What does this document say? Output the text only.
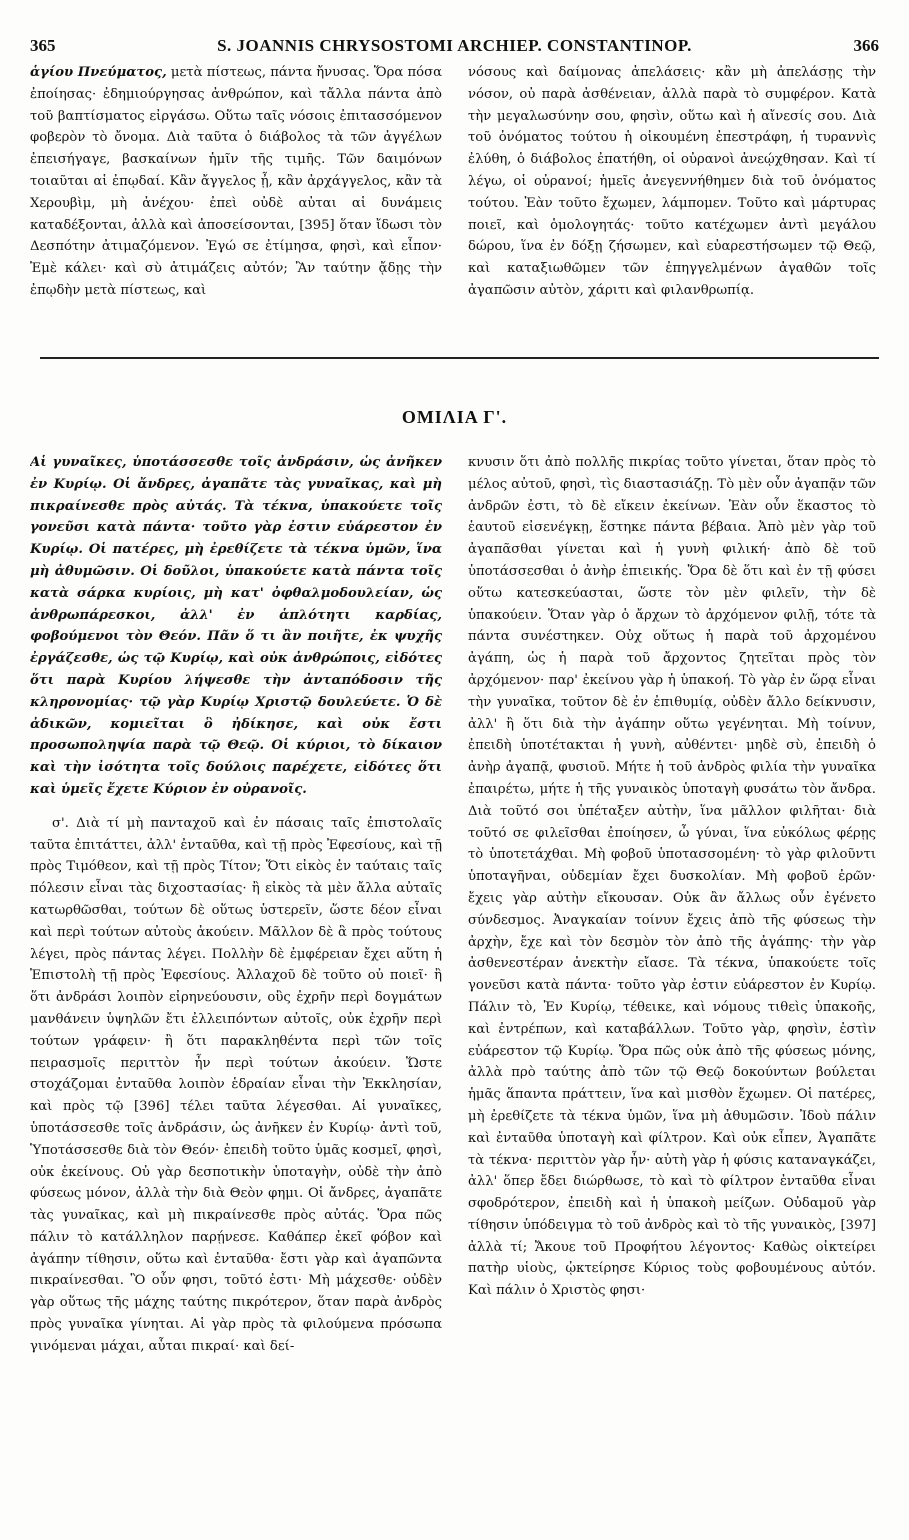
365	S. JOANNIS CHRYSOSTOMI ARCHIEP. CONSTANTINOP.	366

ἁγίου Πνεύματος, μετὰ πίστεως, πάντα ἤνυσας. Ὅρα πόσα ἐποίησας· ἐδημιούργησας ἀνθρώπον, καὶ τἄλλα πάντα ἀπὸ τοῦ βαπτίσματος εἰργάσω. Οὕτω ταῖς νόσοις ἐπιτασσόμενον φοβερὸν τὸ ὄνομα. Διὰ ταῦτα ὁ διάβολος τὰ τῶν ἀγγέλων ἐπεισήγαγε, βασκαίνων ἡμῖν τῆς τιμῆς. Τῶν δαιμόνων τοιαῦται αἱ ἐπῳδαί. Κἂν ἄγγελος ᾖ, κἂν ἀρχάγγελος, κἂν τὰ Χερουβὶμ, μὴ ἀνέχου· ἐπεὶ οὐδὲ αὐται αἱ δυνάμεις καταδέξονται, ἀλλὰ καὶ ἀποσείσονται, [395] ὅταν ἴδωσι τὸν Δεσπότην ἀτιμαζόμενον. Ἐγώ σε ἐτίμησα, φησὶ, καὶ εἶπον· Ἐμὲ κάλει· καὶ σὺ ἀτιμάζεις αὐτόν; Ἂν ταύτην ᾄδῃς τὴν ἐπῳδὴν μετὰ πίστεως, καὶ

νόσους καὶ δαίμονας ἀπελάσεις· κἂν μὴ ἀπελάσῃς τὴν νόσον, οὐ παρὰ ἀσθένειαν, ἀλλὰ παρὰ τὸ συμφέρον. Κατὰ τὴν μεγαλωσύνην σου, φησὶν, οὕτω καὶ ἡ αἴνεσίς σου. Διὰ τοῦ ὀνόματος τούτου ἡ οἰκουμένη ἐπεστράφη, ἡ τυραννὶς ἐλύθη, ὁ διάβολος ἐπατήθη, οἱ οὐρανοὶ ἀνεῴχθησαν. Καὶ τί λέγω, οἱ οὐρανοί; ἡμεῖς ἀνεγεννήθημεν διὰ τοῦ ὀνόματος τούτου. Ἐὰν τοῦτο ἔχωμεν, λάμπομεν. Τοῦτο καὶ μάρτυρας ποιεῖ, καὶ ὁμολογητάς· τοῦτο κατέχωμεν ἀντὶ μεγάλου δώρου, ἵνα ἐν δόξῃ ζήσωμεν, καὶ εὐαρεστήσωμεν τῷ Θεῷ, καὶ καταξιωθῶμεν τῶν ἐπηγγελμένων ἀγαθῶν τοῖς ἀγαπῶσιν αὐτὸν, χάριτι καὶ φιλανθρωπίᾳ.

ΟΜΙΛΙΑ Γ'.

Αἱ γυναῖκες, ὑποτάσσεσθε τοῖς ἀνδράσιν, ὡς ἀνῆκεν ἐν Κυρίῳ. Οἱ ἄνδρες, ἀγαπᾶτε τὰς γυναῖκας, καὶ μὴ πικραίνεσθε πρὸς αὐτάς. Τὰ τέκνα, ὑπακούετε τοῖς γονεῦσι κατὰ πάντα· τοῦτο γὰρ ἐστιν εὐάρεστον ἐν Κυρίῳ. Οἱ πατέρες, μὴ ἐρεθίζετε τὰ τέκνα ὑμῶν, ἵνα μὴ ἀθυμῶσιν. Οἱ δοῦλοι, ὑπακούετε κατὰ πάντα τοῖς κατὰ σάρκα κυρίοις, μὴ κατ' ὀφθαλμοδουλείαν, ὡς ἀνθρωπάρεσκοι, ἀλλ' ἐν ἁπλότητι καρδίας, φοβούμενοι τὸν Θεόν. Πᾶν ὅ τι ἂν ποιῆτε, ἐκ ψυχῆς ἐργάζεσθε, ὡς τῷ Κυρίῳ, καὶ οὐκ ἀνθρώποις, εἰδότες ὅτι παρὰ Κυρίου λήψεσθε τὴν ἀνταπόδοσιν τῆς κληρονομίας· τῷ γὰρ Κυρίῳ Χριστῷ δουλεύετε. Ὁ δὲ ἀδικῶν, κομιεῖται ὃ ἠδίκησε, καὶ οὐκ ἔστι προσωποληψία παρὰ τῷ Θεῷ. Οἱ κύριοι, τὸ δίκαιον καὶ τὴν ἰσότητα τοῖς δούλοις παρέχετε, εἰδότες ὅτι καὶ ὑμεῖς ἔχετε Κύριον ἐν οὐρανοῖς.

σ'. Διὰ τί μὴ πανταχοῦ καὶ ἐν πάσαις ταῖς ἐπιστολαῖς ταῦτα ἐπιτάττει, ἀλλ' ἐνταῦθα, καὶ τῇ πρὸς Ἐφεσίους, καὶ τῇ πρὸς Τιμόθεον, καὶ τῇ πρὸς Τίτον; Ὅτι εἰκὸς ἐν ταύταις ταῖς πόλεσιν εἶναι τὰς διχοστασίας· ἢ εἰκὸς τὰ μὲν ἄλλα αὐταῖς κατωρθῶσθαι, τούτων δὲ οὕτως ὑστερεῖν, ὥστε δέον εἶναι καὶ περὶ τούτων αὐτοὺς ἀκούειν. Μᾶλλον δὲ ἃ πρὸς τούτους λέγει, πρὸς πάντας λέγει. Πολλὴν δὲ ἐμφέρειαν ἔχει αὕτη ἡ Ἐπιστολὴ τῇ πρὸς Ἐφεσίους. Ἀλλαχοῦ δὲ τοῦτο οὐ ποιεῖ· ἢ ὅτι ἀνδράσι λοιπὸν εἰρηνεύουσιν, οὓς ἐχρῆν περὶ δογμάτων μανθάνειν ὑψηλῶν ἔτι ἐλλειπόντων αὐτοῖς, οὐκ ἐχρῆν περὶ τούτων γράφειν· ἢ ὅτι παρακληθέντα περὶ τῶν τοῖς πειρασμοῖς περιττὸν ἦν περὶ τούτων ἀκούειν. Ὥστε στοχάζομαι ἐνταῦθα λοιπὸν ἑδραίαν εἶναι τὴν Ἐκκλησίαν, καὶ πρὸς τῷ [396] τέλει ταῦτα λέγεσθαι. Αἱ γυναῖκες, ὑποτάσσεσθε τοῖς ἀνδράσιν, ὡς ἀνῆκεν ἐν Κυρίῳ· ἀντὶ τοῦ, Ὑποτάσσεσθε διὰ τὸν Θεόν· ἐπειδὴ τοῦτο ὑμᾶς κοσμεῖ, φησὶ, οὐκ ἐκείνους. Οὐ γὰρ δεσποτικὴν ὑποταγὴν, οὐδὲ τὴν ἀπὸ φύσεως μόνον, ἀλλὰ τὴν διὰ Θεὸν φημι. Οἱ ἄνδρες, ἀγαπᾶτε τὰς γυναῖκας, καὶ μὴ πικραίνεσθε πρὸς αὐτάς. Ὅρα πῶς πάλιν τὸ κατάλληλον παρῄνεσε. Καθάπερ ἐκεῖ φόβον καὶ ἀγάπην τίθησιν, οὕτω καὶ ἐνταῦθα· ἔστι γὰρ καὶ ἀγαπῶντα πικραίνεσθαι. Ὃ οὖν φησι, τοῦτό ἐστι· Μὴ μάχεσθε· οὐδὲν γὰρ οὕτως τῆς μάχης ταύτης πικρότερον, ὅταν παρὰ ἀνδρὸς πρὸς γυναῖκα γίνηται. Αἱ γὰρ πρὸς τὰ φιλούμενα πρόσωπα γινόμεναι μάχαι, αὗται πικραί· καὶ δεί-

κνυσιν ὅτι ἀπὸ πολλῆς πικρίας τοῦτο γίνεται, ὅταν πρὸς τὸ μέλος αὐτοῦ, φησὶ, τὶς διαστασιάζῃ. Τὸ μὲν οὖν ἀγαπᾷν τῶν ἀνδρῶν ἐστι, τὸ δὲ εἴκειν ἐκείνων. Ἐὰν οὖν ἕκαστος τὸ ἑαυτοῦ εἰσενέγκῃ, ἕστηκε πάντα βέβαια. Ἀπὸ μὲν γὰρ τοῦ ἀγαπᾶσθαι γίνεται καὶ ἡ γυνὴ φιλική· ἀπὸ δὲ τοῦ ὑποτάσσεσθαι ὁ ἀνὴρ ἐπιεικής. Ὅρα δὲ ὅτι καὶ ἐν τῇ φύσει οὕτω κατεσκεύασται, ὥστε τὸν μὲν φιλεῖν, τὴν δὲ ὑπακούειν. Ὅταν γὰρ ὁ ἄρχων τὸ ἀρχόμενον φιλῇ, τότε τὰ πάντα συνέστηκεν. Οὐχ οὕτως ἡ παρὰ τοῦ ἀρχομένου ἀγάπη, ὡς ἡ παρὰ τοῦ ἄρχοντος ζητεῖται πρὸς τὸν ἀρχόμενον· παρ' ἐκείνου γὰρ ἡ ὑπακοή. Τὸ γὰρ ἐν ὥρᾳ εἶναι τὴν γυναῖκα, τοῦτον δὲ ἐν ἐπιθυμίᾳ, οὐδὲν ἄλλο δείκνυσιν, ἀλλ' ἢ ὅτι διὰ τὴν ἀγάπην οὕτω γεγένηται. Μὴ τοίνυν, ἐπειδὴ ὑποτέτακται ἡ γυνὴ, αὐθέντει· μηδὲ σὺ, ἐπειδὴ ὁ ἀνὴρ ἀγαπᾷ, φυσιοῦ. Μήτε ἡ τοῦ ἀνδρὸς φιλία τὴν γυναῖκα ἐπαιρέτω, μήτε ἡ τῆς γυναικὸς ὑποταγὴ φυσάτω τὸν ἄνδρα. Διὰ τοῦτό σοι ὑπέταξεν αὐτὴν, ἵνα μᾶλλον φιλῆται· διὰ τοῦτό σε φιλεῖσθαι ἐποίησεν, ὦ γύναι, ἵνα εὐκόλως φέρῃς τὸ ὑποτετάχθαι. Μὴ φοβοῦ ὑποτασσομένη· τὸ γὰρ φιλοῦντι ὑποταγῆναι, οὐδεμίαν ἔχει δυσκολίαν. Μὴ φοβοῦ ἐρῶν· ἔχεις γὰρ αὐτὴν εἴκουσαν. Οὐκ ἂν ἄλλως οὖν ἐγένετο σύνδεσμος. Ἀναγκαίαν τοίνυν ἔχεις ἀπὸ τῆς φύσεως τὴν ἀρχὴν, ἔχε καὶ τὸν δεσμὸν τὸν ἀπὸ τῆς ἀγάπης· τὴν γὰρ ἀσθενεστέραν ἀνεκτὴν εἴασε. Τὰ τέκνα, ὑπακούετε τοῖς γονεῦσι κατὰ πάντα· τοῦτο γὰρ ἐστιν εὐάρεστον ἐν Κυρίῳ. Πάλιν τὸ, Ἐν Κυρίῳ, τέθεικε, καὶ νόμους τιθεὶς ὑπακοῆς, καὶ ἐντρέπων, καὶ καταβάλλων. Τοῦτο γὰρ, φησὶν, ἐστὶν εὐάρεστον τῷ Κυρίῳ. Ὅρα πῶς οὐκ ἀπὸ τῆς φύσεως μόνης, ἀλλὰ πρὸ ταύτης ἀπὸ τῶν τῷ Θεῷ δοκούντων βούλεται ἡμᾶς ἅπαντα πράττειν, ἵνα καὶ μισθὸν ἔχωμεν. Οἱ πατέρες, μὴ ἐρεθίζετε τὰ τέκνα ὑμῶν, ἵνα μὴ ἀθυμῶσιν. Ἰδοὺ πάλιν καὶ ἐνταῦθα ὑποταγὴ καὶ φίλτρον. Καὶ οὐκ εἶπεν, Ἀγαπᾶτε τὰ τέκνα· περιττὸν γὰρ ἦν· αὐτὴ γὰρ ἡ φύσις καταναγκάζει, ἀλλ' ὅπερ ἔδει διώρθωσε, τὸ καὶ τὸ φίλτρον ἐνταῦθα εἶναι σφοδρότερον, ἐπειδὴ καὶ ἡ ὑπακοὴ μείζων. Οὐδαμοῦ γὰρ τίθησιν ὑπόδειγμα τὸ τοῦ ἀνδρὸς καὶ τὸ τῆς γυναικὸς, [397] ἀλλὰ τί; Ἄκουε τοῦ Προφήτου λέγοντος· Καθὼς οἰκτείρει πατὴρ υἱοὺς, ᾠκτείρησε Κύριος τοὺς φοβουμένους αὐτόν. Καὶ πάλιν ὁ Χριστὸς φησι·
